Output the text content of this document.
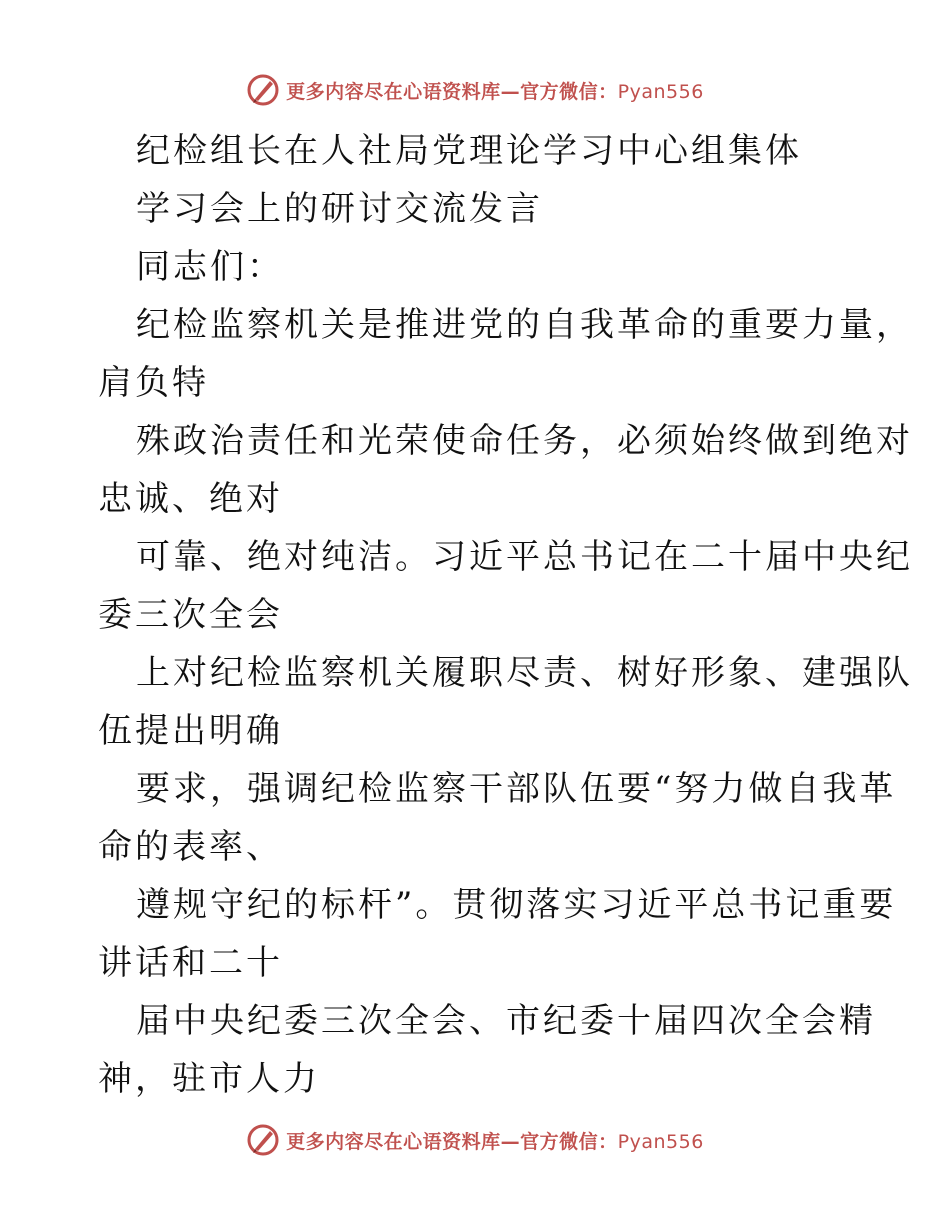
更多内容尽在心语资料库—官方微信：Pyan556
纪检组长在人社局党理论学习中心组集体
学习会上的研讨交流发言
同志们：
纪检监察机关是推进党的自我革命的重要力量，
肩负特
殊政治责任和光荣使命任务，必须始终做到绝对
忠诚、绝对
可靠、绝对纯洁。习近平总书记在二十届中央纪
委三次全会
上对纪检监察机关履职尽责、树好形象、建强队
伍提出明确
要求，强调纪检监察干部队伍要“努力做自我革
命的表率、
遵规守纪的标杆”。贯彻落实习近平总书记重要
讲话和二十
届中央纪委三次全会、市纪委十届四次全会精
神，驻市人力
更多内容尽在心语资料库—官方微信：Pyan556
